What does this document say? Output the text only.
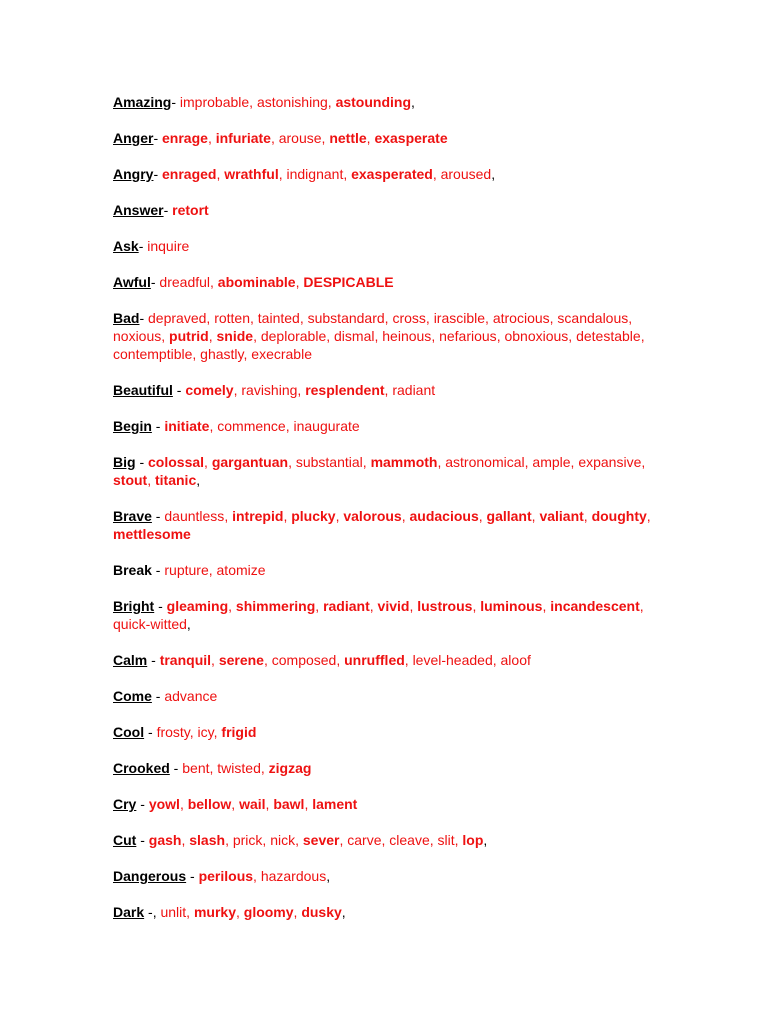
Amazing- improbable, astonishing, astounding,
Anger- enrage, infuriate, arouse, nettle, exasperate
Angry- enraged, wrathful, indignant, exasperated, aroused,
Answer- retort
Ask- inquire
Awful- dreadful, abominable, DESPICABLE
Bad- depraved, rotten, tainted, substandard, cross, irascible, atrocious, scandalous, noxious, putrid, snide, deplorable, dismal, heinous, nefarious, obnoxious, detestable, contemptible, ghastly, execrable
Beautiful - comely, ravishing, resplendent, radiant
Begin - initiate, commence, inaugurate
Big - colossal, gargantuan, substantial, mammoth, astronomical, ample, expansive, stout, titanic,
Brave - dauntless, intrepid, plucky, valorous, audacious, gallant, valiant, doughty, mettlesome
Break - rupture, atomize
Bright - gleaming, shimmering, radiant, vivid, lustrous, luminous, incandescent, quick-witted,
Calm - tranquil, serene, composed, unruffled, level-headed, aloof
Come - advance
Cool - frosty, icy, frigid
Crooked - bent, twisted, zigzag
Cry - yowl, bellow, wail, bawl, lament
Cut - gash, slash, prick, nick, sever, carve, cleave, slit, lop,
Dangerous - perilous, hazardous,
Dark -, unlit, murky, gloomy, dusky,
